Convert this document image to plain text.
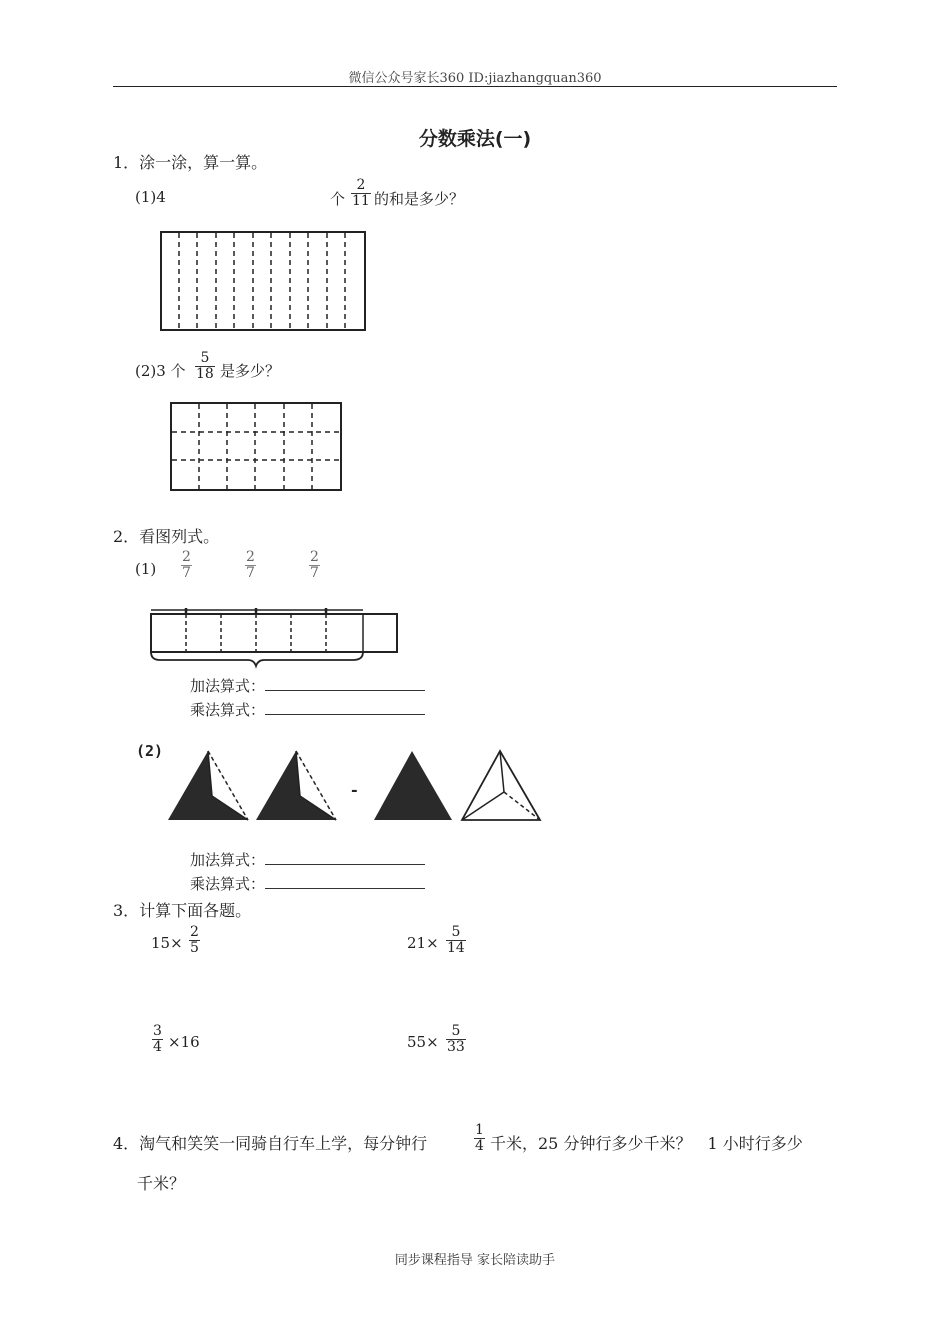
微信公众号家长360 ID:jiazhangquan360
分数乘法(一)
1．涂一涂，算一算。
(1)4	个 $\frac{2}{11}$ 的和是多少？
(2)3 个 $\frac{5}{18}$ 是多少？
2．看图列式。
$(1) \frac{2}{7}$	$\frac{2}{7}$	$\frac{2}{7}$
加法算式：
乘法算式：
(2)
-
加法算式：
乘法算式：
3．计算下面各题。
$15\times \frac{2}{5}$	$21\times \frac{5}{14}$
$\frac{3}{4} \times 16$	$55\times \frac{5}{33}$
4．淘气和笑笑一同骑自行车上学，每分钟行	$\frac{1}{4}$ 千米，25 分钟行多少千米？　1 小时行多少
千米？
同步课程指导 家长陪读助手
